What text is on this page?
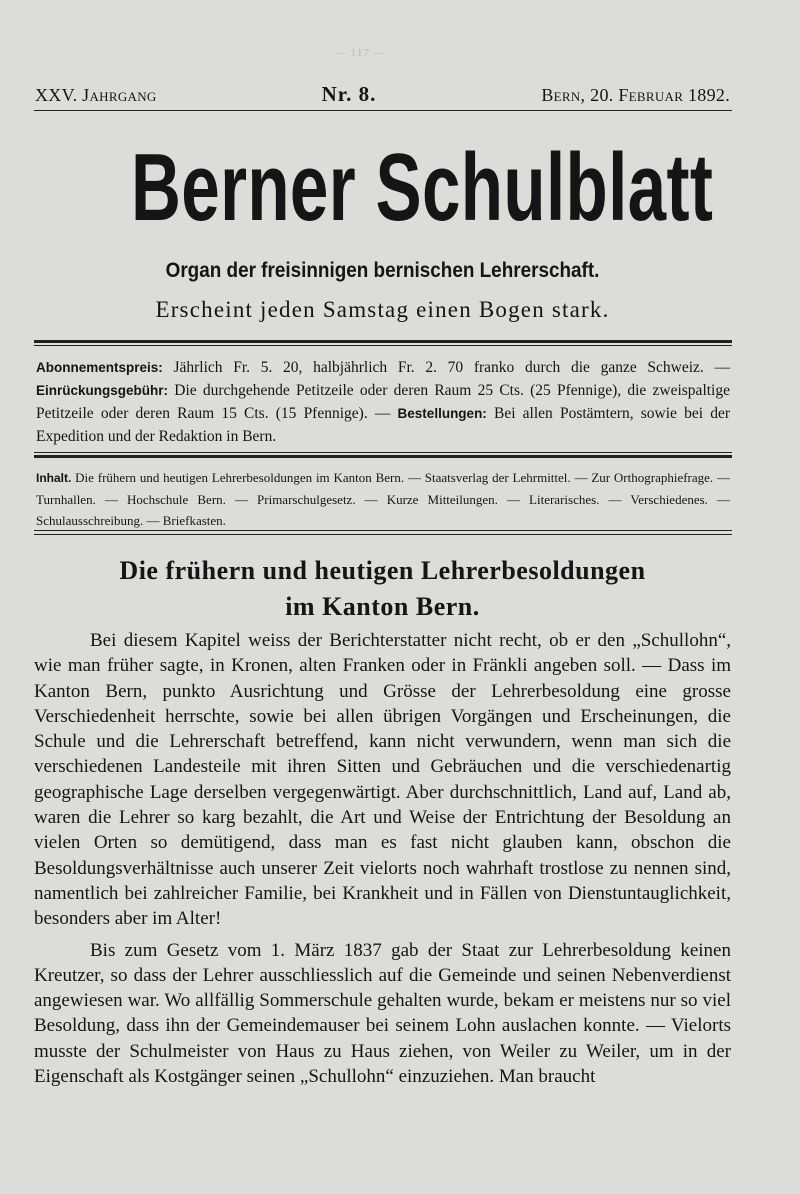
— 117 —
XXV. Jahrgang	Nr. 8.	Bern, 20. Februar 1892.
Berner Schulblatt
Organ der freisinnigen bernischen Lehrerschaft.
Erscheint jeden Samstag einen Bogen stark.
Abonnementspreis: Jährlich Fr. 5. 20, halbjährlich Fr. 2. 70 franko durch die ganze Schweiz. — Einrückungsgebühr: Die durchgehende Petitzeile oder deren Raum 25 Cts. (25 Pfennige), die zweispaltige Petitzeile oder deren Raum 15 Cts. (15 Pfennige). — Bestellungen: Bei allen Postämtern, sowie bei der Expedition und der Redaktion in Bern.
Inhalt. Die frühern und heutigen Lehrerbesoldungen im Kanton Bern. — Staatsverlag der Lehrmittel. — Zur Orthographiefrage. — Turnhallen. — Hochschule Bern. — Primarschulgesetz. — Kurze Mitteilungen. — Literarisches. — Verschiedenes. — Schulausschreibung. — Briefkasten.
Die frühern und heutigen Lehrerbesoldungen
im Kanton Bern.

Bei diesem Kapitel weiss der Berichterstatter nicht recht, ob er den „Schullohn“, wie man früher sagte, in Kronen, alten Franken oder in Fränkli angeben soll. — Dass im Kanton Bern, punkto Ausrichtung und Grösse der Lehrerbesoldung eine grosse Verschiedenheit herrschte, sowie bei allen übrigen Vorgängen und Erscheinungen, die Schule und die Lehrerschaft betreffend, kann nicht verwundern, wenn man sich die verschiedenen Landesteile mit ihren Sitten und Gebräuchen und die verschiedenartig geographische Lage derselben vergegenwärtigt. Aber durchschnittlich, Land auf, Land ab, waren die Lehrer so karg bezahlt, die Art und Weise der Entrichtung der Besoldung an vielen Orten so demütigend, dass man es fast nicht glauben kann, obschon die Besoldungsverhältnisse auch unserer Zeit vielorts noch wahrhaft trostlose zu nennen sind, namentlich bei zahlreicher Familie, bei Krankheit und in Fällen von Dienstuntauglichkeit, besonders aber im Alter!

Bis zum Gesetz vom 1. März 1837 gab der Staat zur Lehrerbesoldung keinen Kreutzer, so dass der Lehrer ausschliesslich auf die Gemeinde und seinen Nebenverdienst angewiesen war. Wo allfällig Sommerschule gehalten wurde, bekam er meistens nur so viel Besoldung, dass ihn der Gemeindemauser bei seinem Lohn auslachen konnte. — Vielorts musste der Schulmeister von Haus zu Haus ziehen, von Weiler zu Weiler, um in der Eigenschaft als Kostgänger seinen „Schullohn“ einzuziehen. Man braucht
